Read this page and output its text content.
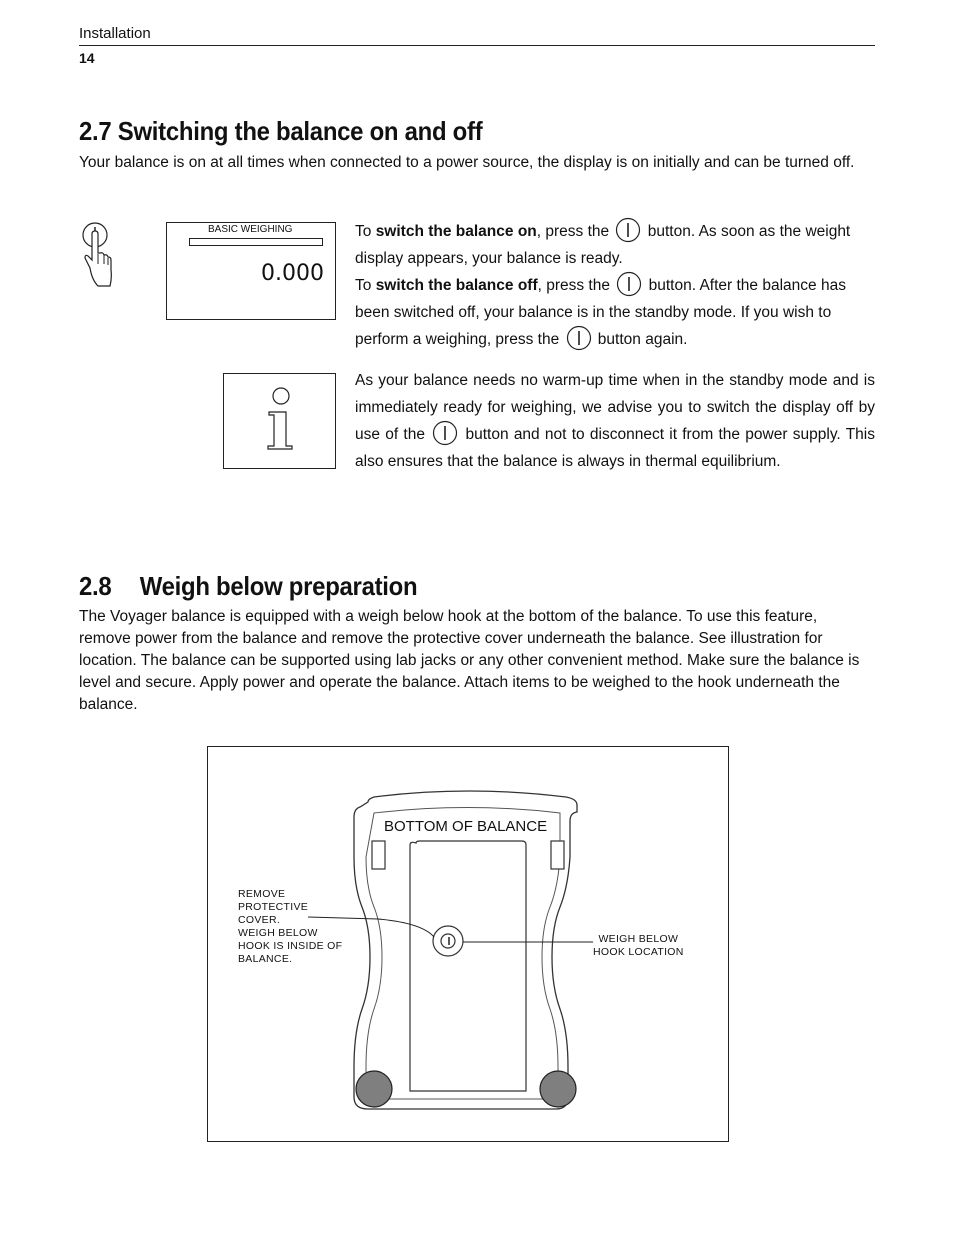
Installation
14
2.7 Switching the balance on and off
Your balance is on at all times when connected to a power source, the display is on initially and can be turned off.
BASIC WEIGHING
0.000
To switch the balance on, press the  button. As soon as the weight display appears, your balance is ready.
To switch the balance off, press the  button. After the balance has been switched off, your balance is in the standby mode. If you wish to perform a weighing, press the  button again.
As your balance needs no warm-up time when in the standby mode and is immediately ready for weighing, we advise you to switch the display off by use of the  button and not to disconnect it from the power supply. This also ensures that the balance is always in thermal equilibrium.
2.8 Weigh below preparation
The Voyager balance is equipped with a weigh below hook at the bottom of the balance. To use this feature, remove power from the balance and remove the protective cover underneath the balance. See illustration for location. The balance can be supported using lab jacks or any other convenient method. Make sure the balance is level and secure. Apply power and operate the balance. Attach items to be weighed to the hook underneath the balance.
BOTTOM OF BALANCE
REMOVE
PROTECTIVE
COVER.
WEIGH BELOW
HOOK IS INSIDE OF
BALANCE.
WEIGH BELOW
HOOK LOCATION
